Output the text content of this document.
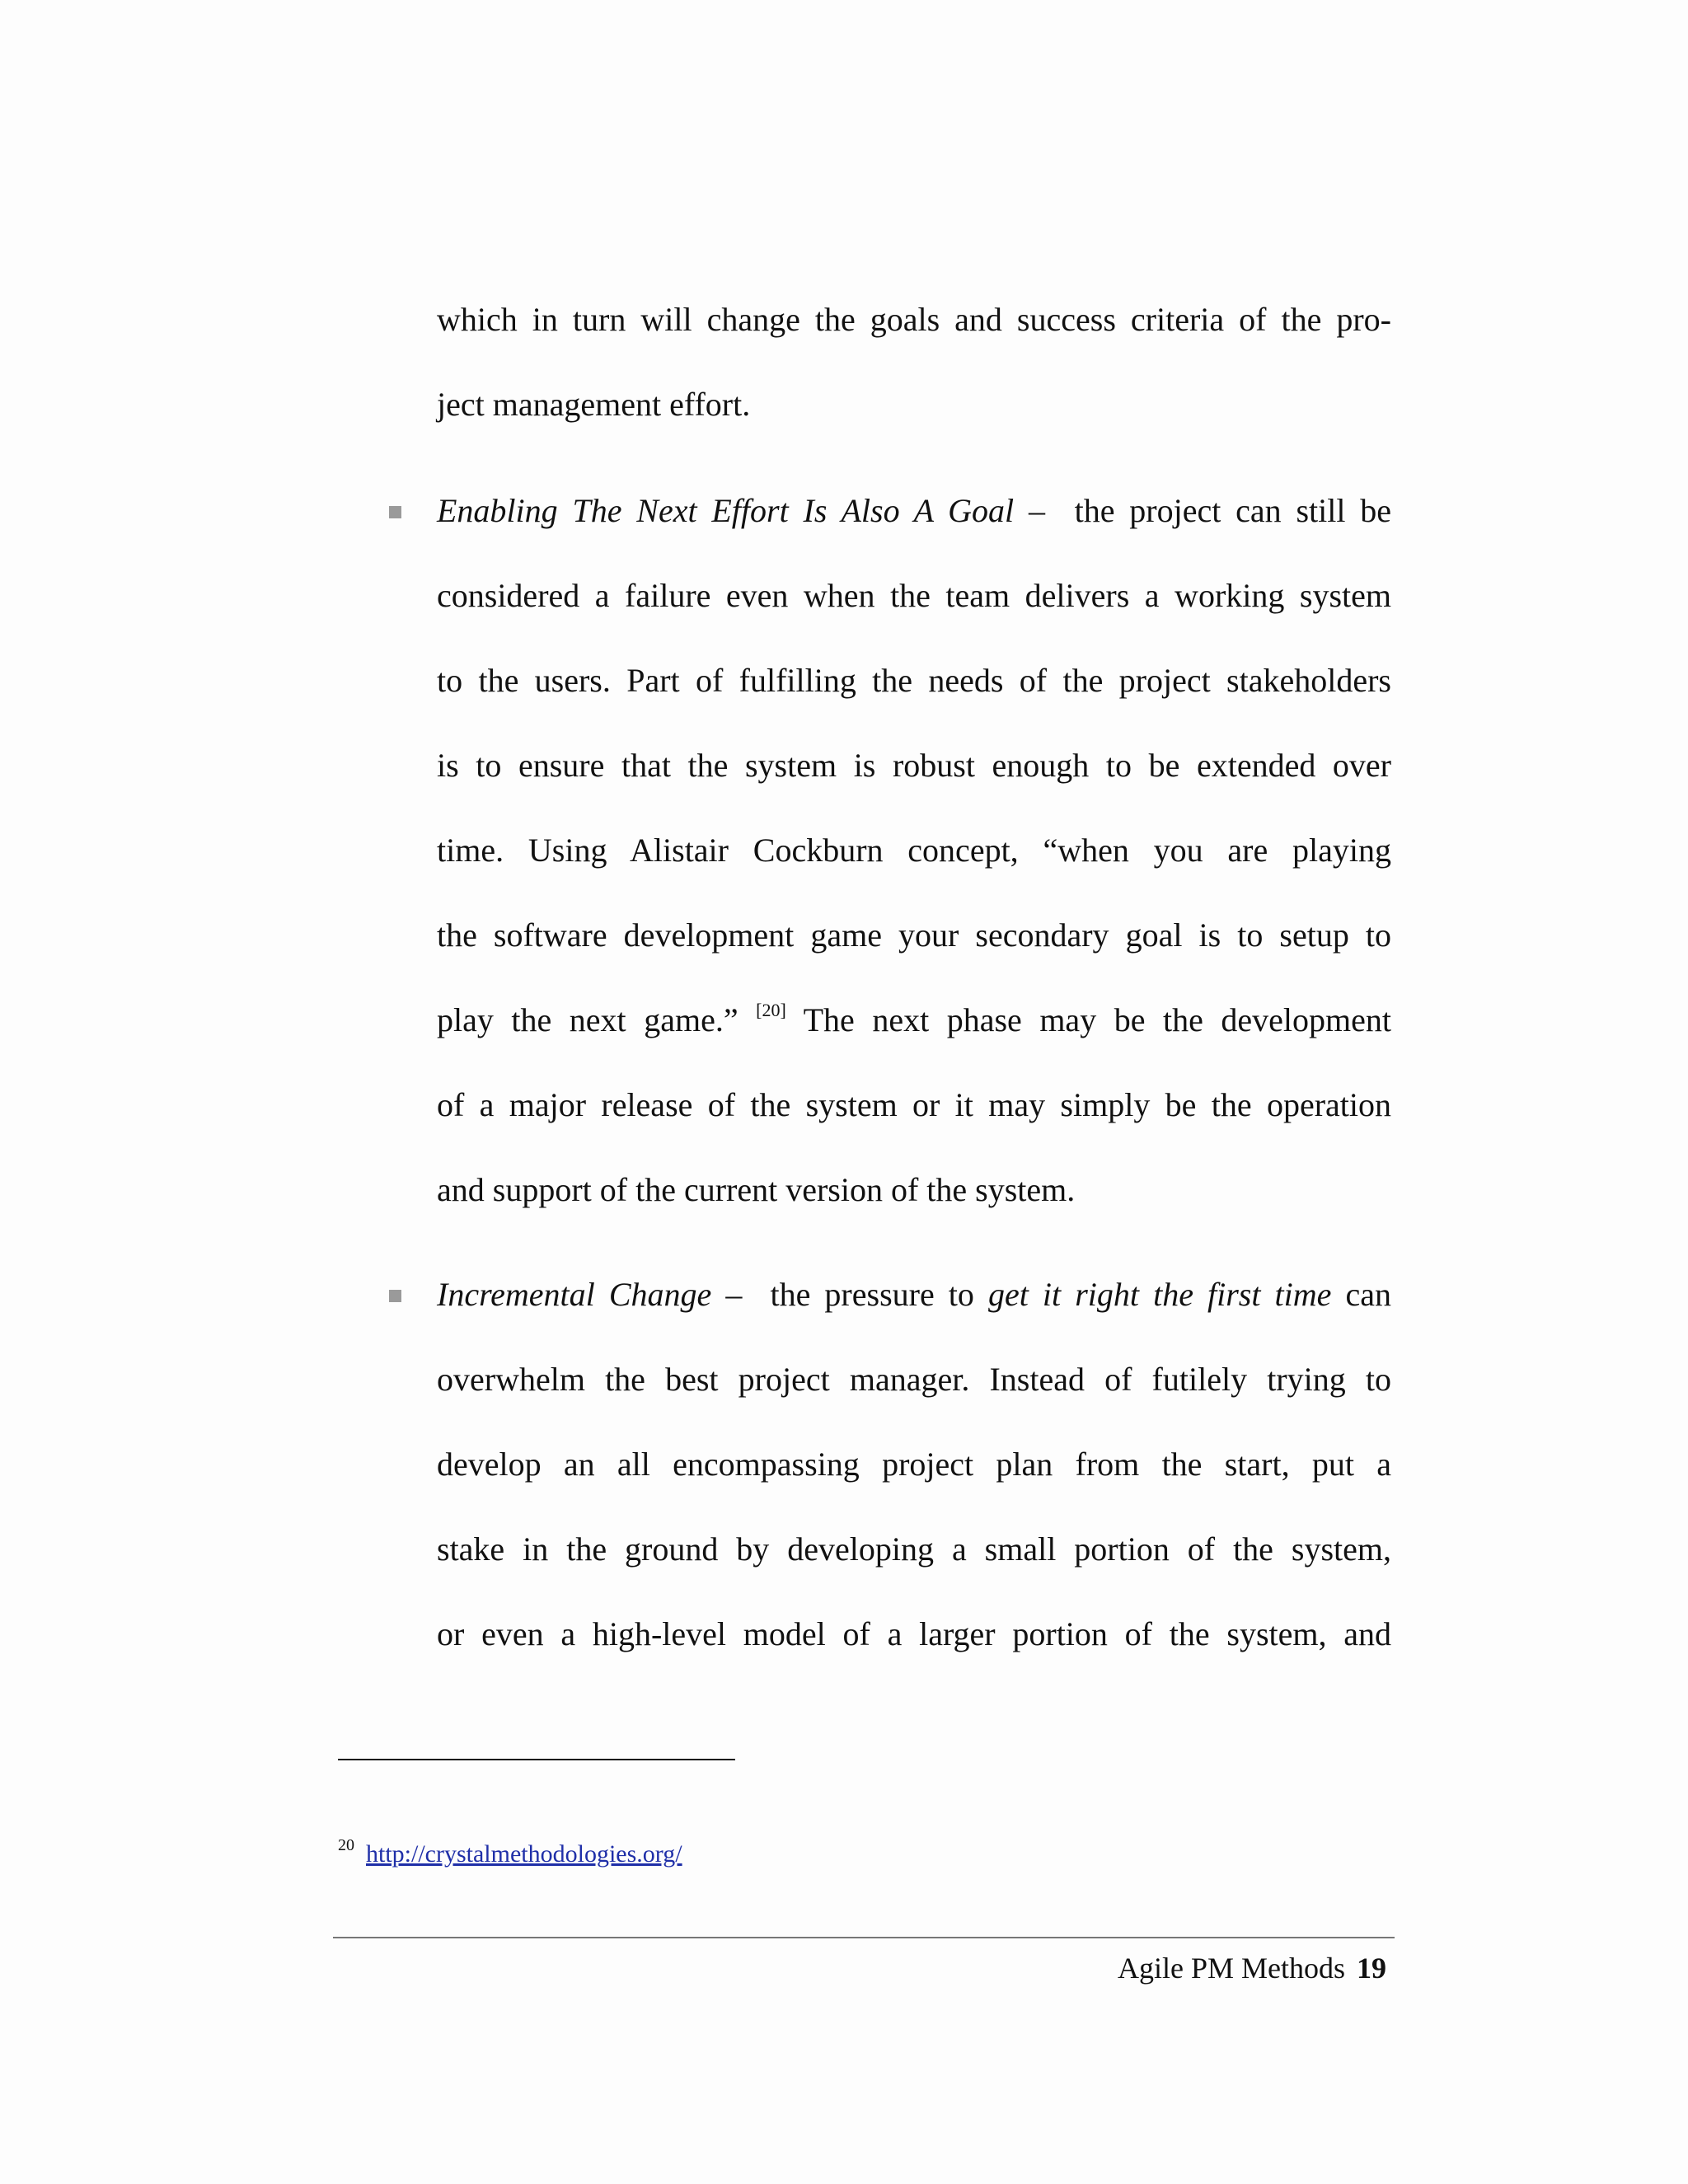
which in turn will change the goals and success criteria of the pro-
ject management effort.
Enabling The Next Effort Is Also A Goal – the project can still be
considered a failure even when the team delivers a working system
to the users. Part of fulfilling the needs of the project stakeholders
is to ensure that the system is robust enough to be extended over
time. Using Alistair Cockburn concept, “when you are playing
the software development game your secondary goal is to setup to
play the next game.” [20] The next phase may be the development
of a major release of the system or it may simply be the operation
and support of the current version of the system.
Incremental Change – the pressure to get it right the first time can
overwhelm the best project manager. Instead of futilely trying to
develop an all encompassing project plan from the start, put a
stake in the ground by developing a small portion of the system,
or even a high-level model of a larger portion of the system, and
$^{20}$ http://crystalmethodologies.org/
Agile PM Methods 19
